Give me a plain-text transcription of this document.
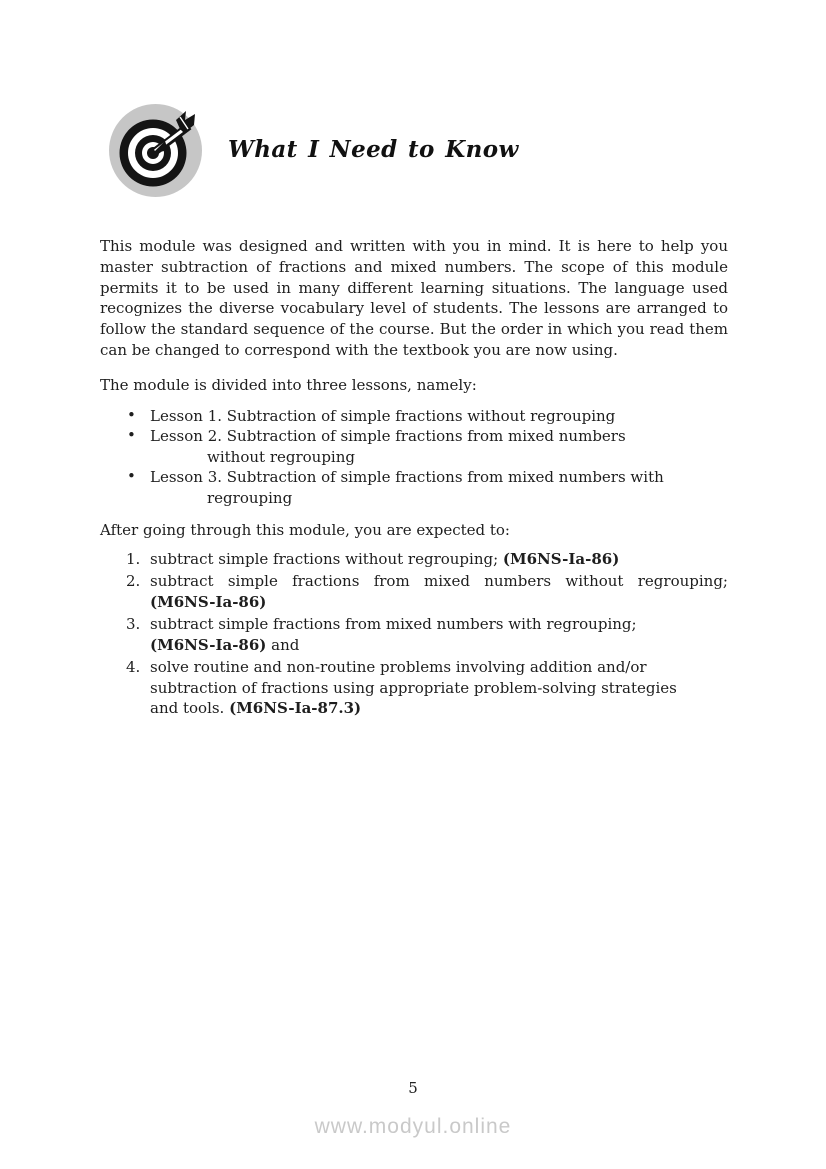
What I Need to Know
This module was designed and written with you in mind. It is here to help you master subtraction of fractions and mixed numbers. The scope of this module permits it to be used in many different learning situations. The language used recognizes the diverse vocabulary level of students. The lessons are arranged to follow the standard sequence of the course. But the order in which you read them can be changed to correspond with the textbook you are now using.
The module is divided into three lessons, namely:
• Lesson 1. Subtraction of simple fractions without regrouping
• Lesson 2. Subtraction of simple fractions from mixed numbers
without regrouping
• Lesson 3. Subtraction of simple fractions from mixed numbers with
regrouping
After going through this module, you are expected to:
1. subtract simple fractions without regrouping; (M6NS-Ia-86)
2. subtract simple fractions from mixed numbers without regrouping;
(M6NS-Ia-86)
3. subtract simple fractions from mixed numbers with regrouping;
(M6NS-Ia-86) and
4. solve routine and non-routine problems involving addition and/or
subtraction of fractions using appropriate problem-solving strategies
and tools. (M6NS-Ia-87.3)
5
www.modyul.online
